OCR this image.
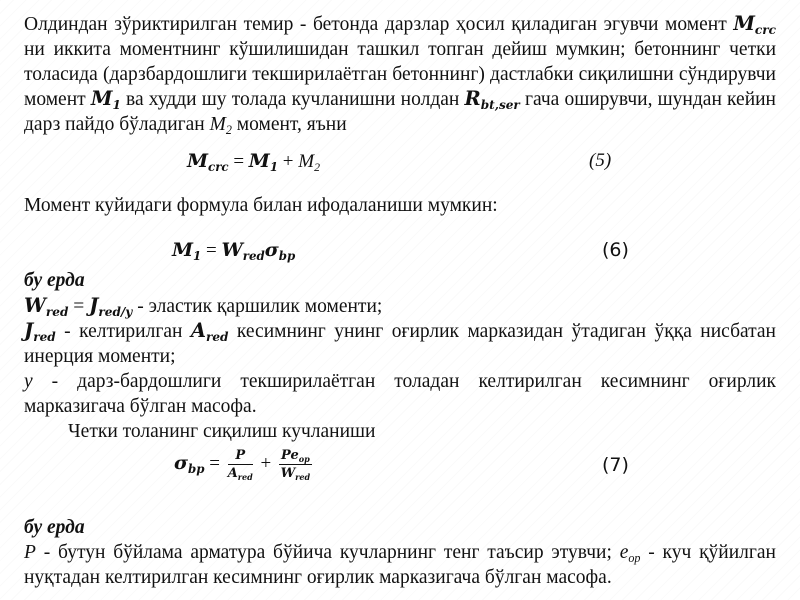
Олдиндан зўриктирилган темир - бетонда дарзлар ҳосил қиладиган эгувчи момент $M_{crc}$ ни иккита моментнинг кўшилишидан ташкил топган дейиш мумкин; бетоннинг четки толасида (дарзбардошлиги текширилаётган бетоннинг) дастлабки сиқилишни сўндирувчи момент $M_1$ ва худди шу толада кучланишни нолдан $R_{bt,ser}$ гача оширувчи, шундан кейин дарз пайдо бўладиган $M_2$ момент, яъни

$M_{crc} = M_1 + M_2$	(5)

Момент куйидаги формула билан ифодаланиши мумкин:

$M_1 = W_{red}\sigma_{bp}$	(6)

бу ерда

$W_{red} = J_{red/y}$ - эластик қаршилик моменти;

$J_{red}$ - келтирилган $A_{red}$ кесимнинг унинг оғирлик марказидан ўтадиган ўққа нисбатан инерция моменти;

у - дарз-бардошлиги текширилаётган толадан келтирилган кесимнинг оғирлик марказигача бўлган масофа.

Четки толанинг сиқилиш кучланиши

$\sigma_{bp} = \frac{P}{A_{red}} + \frac{Pe_{op}}{W_{red}}$	(7)

бу ерда

P - бутун бўйлама арматура бўйича кучларнинг тенг таъсир этувчи; $e_{op}$ - куч қўйилган нуқтадан келтирилган кесимнинг оғирлик марказигача бўлган масофа.
